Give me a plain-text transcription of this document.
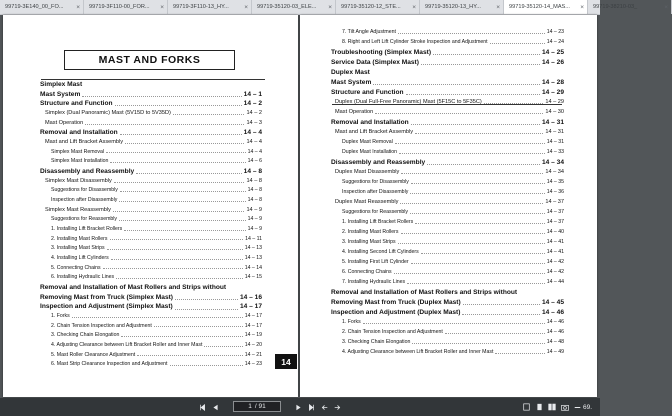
99719-3E140_00_FO... × 99719-3F110-00_FOR... × 99719-3F110-13_HY... × 99719-35120-03_ELE... × 99719-35120-12_STE... × 99719-35120-13_HY... × 99719-35120-14_MAS... × 99719-38210-03_	×
MAST AND FORKS
Simplex Mast
Mast System	14 – 1
Structure and Function	14 – 2
Simplex (Dual Panoramic) Mast (5V15D to 5V35D)	14 – 2
Mast Operation	14 – 3
Removal and Installation	14 – 4
Mast and Lift Bracket Assembly	14 – 4
Simplex Mast Removal	14 – 4
Simplex Mast Installation	14 – 6
Disassembly and Reassembly	14 – 8
Simplex Mast Disassembly	14 – 8
Suggestions for Disassembly	14 – 8
Inspection after Disassembly	14 – 8
Simplex Mast Reassembly	14 – 9
Suggestions for Reassembly	14 – 9
1. Installing Lift Bracket Rollers	14 – 9
2. Installing Mast Rollers	14 – 11
3. Installing Mast Strips	14 – 13
4. Installing Lift Cylinders	14 – 13
5. Connecting Chains	14 – 14
6. Installing Hydraulic Lines	14 – 15
Removal and Installation of Mast Rollers and Strips without
Removing Mast from Truck (Simplex Mast)	14 – 16
Inspection and Adjustment (Simplex Mast)	14 – 17
1. Forks	14 – 17
2. Chain Tension Inspection and Adjustment	14 – 17
3. Checking Chain Elongation	14 – 19
4. Adjusting Clearance between Lift Bracket Roller and Inner Mast	14 – 20
5. Mast Roller Clearance Adjustment	14 – 21
6. Mast Strip Clearance Inspection and Adjustment	14 – 23	14
7. Tilt Angle Adjustment	14 – 23
8. Right and Left Lift Cylinder Stroke Inspection and Adjustment	14 – 24
Troubleshooting (Simplex Mast)	14 – 25
Service Data (Simplex Mast)	14 – 26
Duplex Mast
Mast System	14 – 28
Structure and Function	14 – 29
Duplex (Dual Full-Free Panoramic) Mast (5F15C to 5F35C)	14 – 29
Mast Operation	14 – 30
Removal and Installation	14 – 31
Mast and Lift Bracket Assembly	14 – 31
Duplex Mast Removal	14 – 31
Duplex Mast Installation	14 – 33
Disassembly and Reassembly	14 – 34
Duplex Mast Disassembly	14 – 34
Suggestions for Disassembly	14 – 35
Inspection after Disassembly	14 – 36
Duplex Mast Reassembly	14 – 37
Suggestions for Reassembly	14 – 37
1. Installing Lift Bracket Rollers	14 – 37
2. Installing Mast Rollers	14 – 40
3. Installing Mast Strips	14 – 41
4. Installing Second Lift Cylinders	14 – 41
5. Installing First Lift Cylinder	14 – 42
6. Connecting Chains	14 – 42
7. Installing Hydraulic Lines	14 – 44
Removal and Installation of Mast Rollers and Strips without
Removing Mast from Truck (Duplex Mast)	14 – 45
Inspection and Adjustment (Duplex Mast)	14 – 46
1. Forks	14 – 46
2. Chain Tension Inspection and Adjustment	14 – 46
3. Checking Chain Elongation	14 – 48
4. Adjusting Clearance between Lift Bracket Roller and Inner Mast	14 – 49
1 / 91	69.
